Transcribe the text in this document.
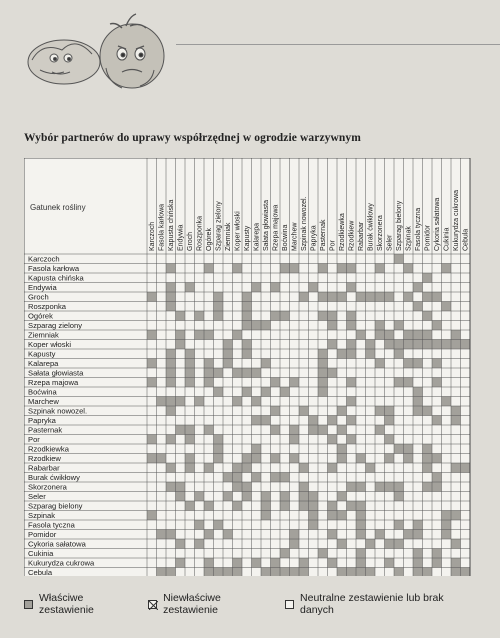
Wybór partnerów do uprawy współrzędnej w ogrodzie warzywnym
Gatunek rośliny
Karczoch
Fasola karłowa
Kapusta chińska
Endywia
Groch
Roszponka
Ogórek
Szparag zielony
Ziemniak
Koper włoski
Kapusty
Kalarepa
Sałata głowiasta
Rzepa majowa
Boćwina
Marchew
Szpinak nowozel.
Papryka
Pasternak
Por
Rzodkiewka
Rzodkiew
Rabarbar
Burak ćwikłowy
Skorzonera
Seler
Szparag bielony
Szpinak
Fasola tyczna
Pomidor
Cykoria sałatowa
Cukinia
Kukurydza cukrowa
Cebula
Karczoch Fasola karłowa Kapusta chińska Endywia Groch Roszponka Ogórek Szparag zielony Ziemniak Koper włoski Kapusty Kalarepa Sałata głowiasta Rzepa majowa Boćwina Marchew Szpinak nowozel. Papryka Pasternak Por Rzodkiewka Rzodkiew Rabarbar Burak ćwikłowy Skorzonera Seler Szparag bielony Szpinak Fasola tyczna Pomidor Cykoria sałatowa Cukinia Kukurydza cukrowa Cebula
Właściwe zestawienie
Niewłaściwe zestawienie
Neutralne zestawienie lub brak danych
